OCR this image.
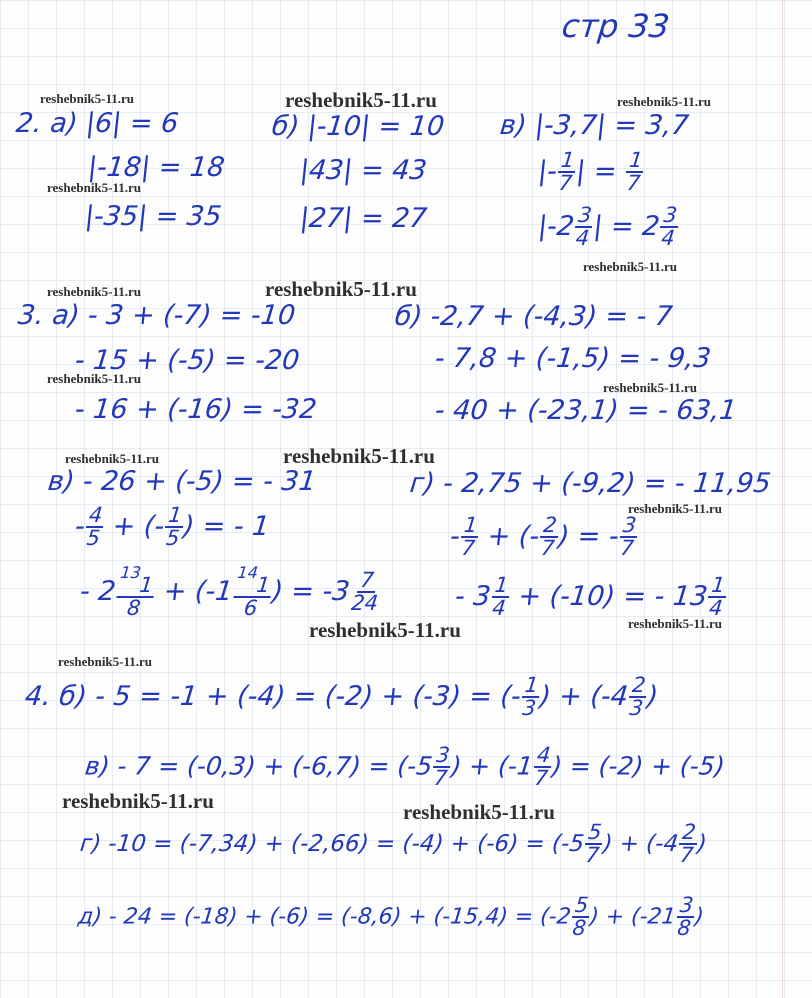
стр 33
reshebnik5-11.ru	reshebnik5-11.ru	reshebnik5-11.ru
reshebnik5-11.ru
reshebnik5-11.ru
reshebnik5-11.ru	reshebnik5-11.ru
reshebnik5-11.ru
reshebnik5-11.ru
reshebnik5-11.ru	reshebnik5-11.ru
reshebnik5-11.ru
reshebnik5-11.ru	reshebnik5-11.ru
reshebnik5-11.ru
reshebnik5-11.ru	reshebnik5-11.ru
2. а) |6| = 6
|-18| = 18
|-35| = 35
б) |-10| = 10
|43| = 43
|27| = 27
в) |-3,7| = 3,7
|-
$\frac{1}{7}$
| =
$\frac{1}{7}$
|-2
$\frac{3}{4}$
| = 2
$\frac{3}{4}$
3. а) - 3 + (-7) = -10
- 15 + (-5) = -20
- 16 + (-16) = -32
б) -2,7 + (-4,3) = - 7
- 7,8 + (-1,5) = - 9,3
- 40 + (-23,1) = - 63,1
в) - 26 + (-5) = - 31
-
$\frac{4}{5}$
+ (-
$\frac{1}{5}$
) = - 1
- 2
$\frac{^{13}1}{8}$
+ (-1
$\frac{^{14}1}{6}$
) = -3
$\frac{7}{24}$
г) - 2,75 + (-9,2) = - 11,95
-
$\frac{1}{7}$
+ (-
$\frac{2}{7}$
) = -
$\frac{3}{7}$
- 3
$\frac{1}{4}$
+ (-10) = - 13
$\frac{1}{4}$
4. б) - 5 = -1 + (-4) = (-2) + (-3) = (-
$\frac{1}{3}$
) + (-4
$\frac{2}{3}$
)
в) - 7 = (-0,3) + (-6,7) = (-5
$\frac{3}{7}$
) + (-1
$\frac{4}{7}$
) = (-2) + (-5)
г) -10 = (-7,34) + (-2,66) = (-4) + (-6) = (-5
$\frac{5}{7}$
) + (-4
$\frac{2}{7}$
)
д) - 24 = (-18) + (-6) = (-8,6) + (-15,4) = (-2
$\frac{5}{8}$
) + (-21
$\frac{3}{8}$
)
